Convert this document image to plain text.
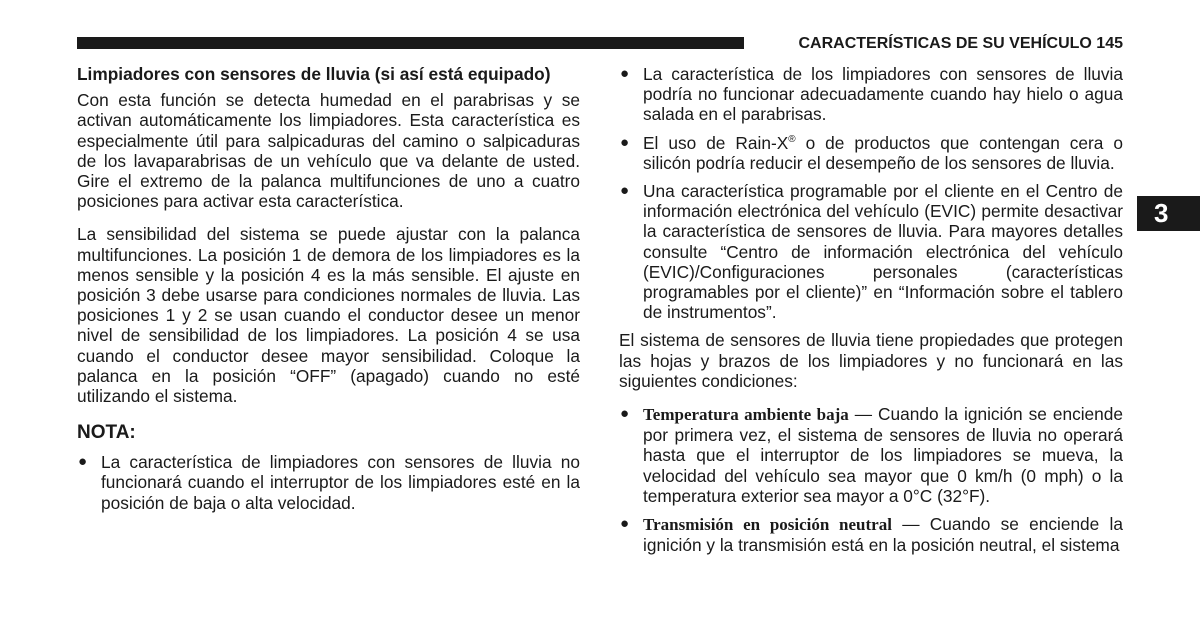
CARACTERÍSTICAS DE SU VEHÍCULO 145
3

Limpiadores con sensores de lluvia (si así está equipado)

Con esta función se detecta humedad en el parabrisas y se activan automáticamente los limpiadores. Esta característica es especialmente útil para salpicaduras del camino o salpicaduras de los lavaparabrisas de un vehículo que va delante de usted. Gire el extremo de la palanca multifunciones de uno a cuatro posiciones para activar esta característica.

La sensibilidad del sistema se puede ajustar con la palanca multifunciones. La posición 1 de demora de los limpiadores es la menos sensible y la posición 4 es la más sensible. El ajuste en posición 3 debe usarse para condiciones normales de lluvia. Las posiciones 1 y 2 se usan cuando el conductor desee un menor nivel de sensibilidad de los limpiadores. La posición 4 se usa cuando el conductor desee mayor sensibilidad. Coloque la palanca en la posición “OFF” (apagado) cuando no esté utilizando el sistema.

NOTA:
● La característica de limpiadores con sensores de lluvia no funcionará cuando el interruptor de los limpiadores esté en la posición de baja o alta velocidad.
● La característica de los limpiadores con sensores de lluvia podría no funcionar adecuadamente cuando hay hielo o agua salada en el parabrisas.
● El uso de Rain-X® o de productos que contengan cera o silicón podría reducir el desempeño de los sensores de lluvia.
● Una característica programable por el cliente en el Centro de información electrónica del vehículo (EVIC) permite desactivar la característica de sensores de lluvia. Para mayores detalles consulte “Centro de información electrónica del vehículo (EVIC)/Configuraciones personales (características programables por el cliente)” en “Información sobre el tablero de instrumentos”.

El sistema de sensores de lluvia tiene propiedades que protegen las hojas y brazos de los limpiadores y no funcionará en las siguientes condiciones:

● Temperatura ambiente baja — Cuando la ignición se enciende por primera vez, el sistema de sensores de lluvia no operará hasta que el interruptor de los limpiadores se mueva, la velocidad del vehículo sea mayor que 0 km/h (0 mph) o la temperatura exterior sea mayor a 0°C (32°F).
● Transmisión en posición neutral — Cuando se enciende la ignición y la transmisión está en la posición neutral, el sistema
